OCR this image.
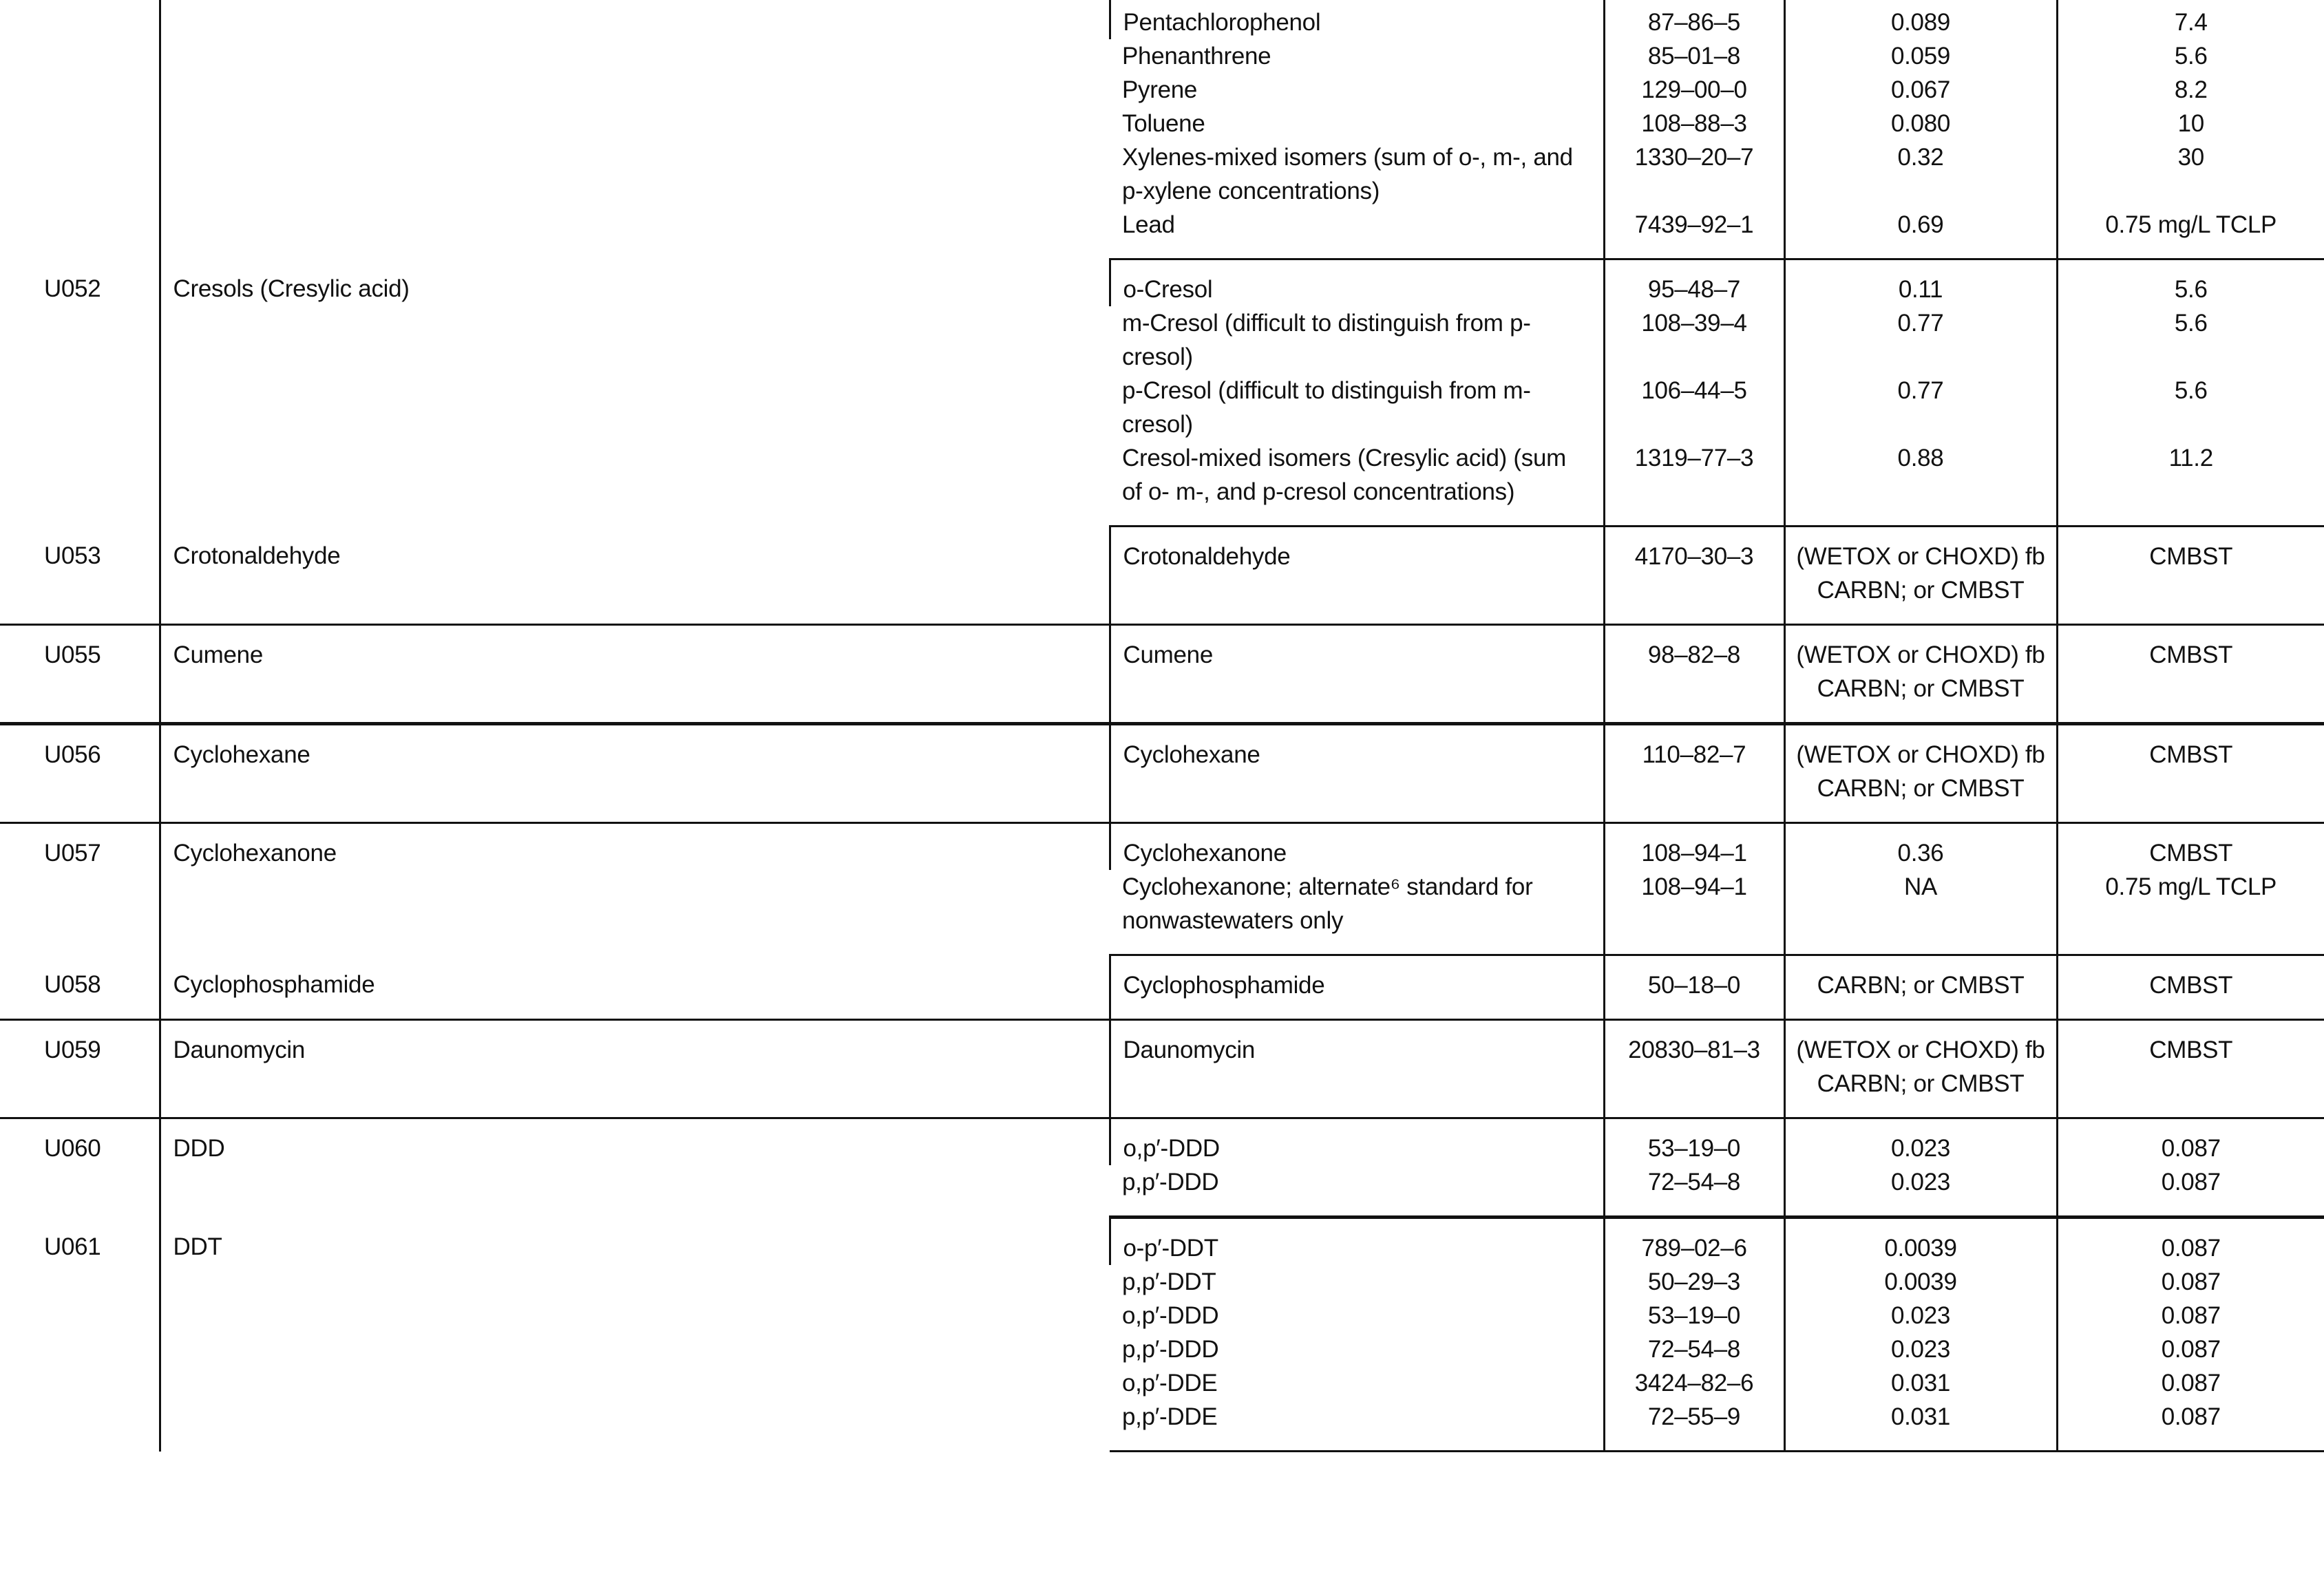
		Pentachlorophenol	87–86–5	0.089	7.4
		Phenanthrene	85–01–8	0.059	5.6
		Pyrene	129–00–0	0.067	8.2
		Toluene	108–88–3	0.080	10
		Xylenes-mixed isomers (sum of o-, m-, and p-xylene concentrations)	1330–20–7	0.32	30
		Lead	7439–92–1	0.69	0.75 mg/L TCLP
U052	Cresols (Cresylic acid)	o-Cresol	95–48–7	0.11	5.6
		m-Cresol (difficult to distinguish from p-cresol)	108–39–4	0.77	5.6
		p-Cresol (difficult to distinguish from m-cresol)	106–44–5	0.77	5.6
		Cresol-mixed isomers (Cresylic acid) (sum of o- m-, and p-cresol concentrations)	1319–77–3	0.88	11.2
U053	Crotonaldehyde	Crotonaldehyde	4170–30–3	(WETOX or CHOXD) fb CARBN; or CMBST	CMBST
U055	Cumene	Cumene	98–82–8	(WETOX or CHOXD) fb CARBN; or CMBST	CMBST
U056	Cyclohexane	Cyclohexane	110–82–7	(WETOX or CHOXD) fb CARBN; or CMBST	CMBST
U057	Cyclohexanone	Cyclohexanone	108–94–1	0.36	CMBST
		Cyclohexanone; alternate⁶ standard for nonwastewaters only	108–94–1	NA	0.75 mg/L TCLP
U058	Cyclophosphamide	Cyclophosphamide	50–18–0	CARBN; or CMBST	CMBST
U059	Daunomycin	Daunomycin	20830–81–3	(WETOX or CHOXD) fb CARBN; or CMBST	CMBST
U060	DDD	o,p′-DDD	53–19–0	0.023	0.087
		p,p′-DDD	72–54–8	0.023	0.087
U061	DDT	o-p′-DDT	789–02–6	0.0039	0.087
		p,p′-DDT	50–29–3	0.0039	0.087
		o,p′-DDD	53–19–0	0.023	0.087
		p,p′-DDD	72–54–8	0.023	0.087
		o,p′-DDE	3424–82–6	0.031	0.087
		p,p′-DDE	72–55–9	0.031	0.087
